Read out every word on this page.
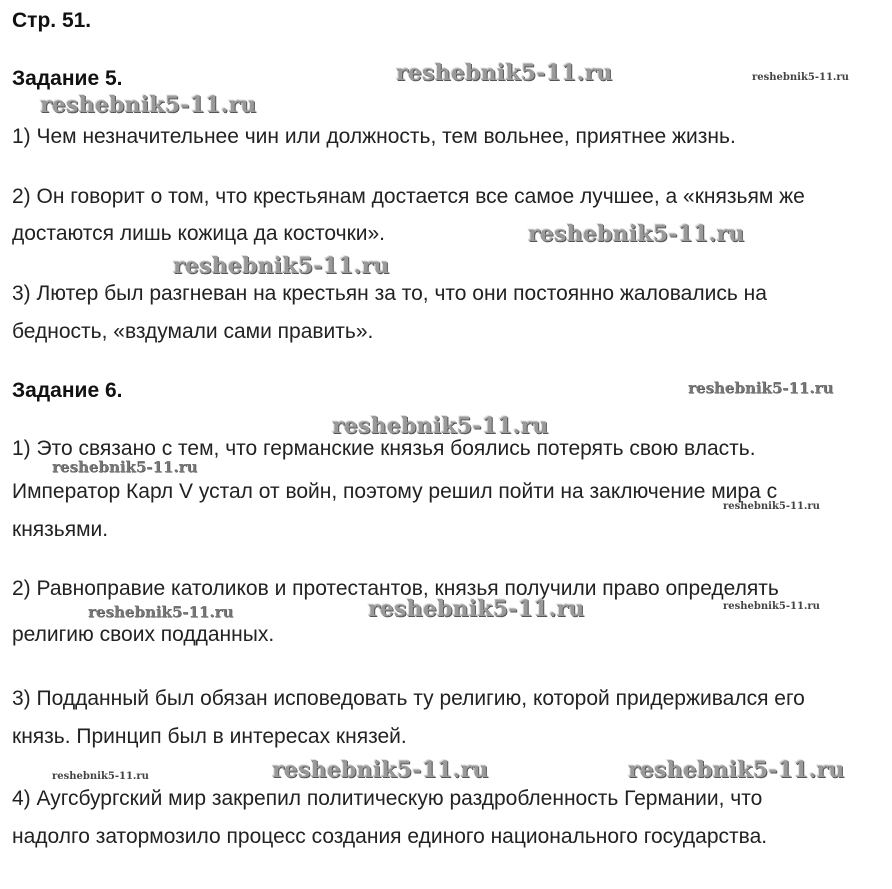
Стр. 51.
Задание 5.
1) Чем незначительнее чин или должность, тем вольнее, приятнее жизнь.
2) Он говорит о том, что крестьянам достается все самое лучшее, а «князьям же
достаются лишь кожица да косточки».
3) Лютер был разгневан на крестьян за то, что они постоянно жаловались на
бедность, «вздумали сами править».
Задание 6.
1) Это связано с тем, что германские князья боялись потерять свою власть.
Император Карл V устал от войн, поэтому решил пойти на заключение мира с
князьями.
2) Равноправие католиков и протестантов, князья получили право определять
религию своих подданных.
3) Подданный был обязан исповедовать ту религию, которой придерживался его
князь. Принцип был в интересах князей.
4) Аугсбургский мир закрепил политическую раздробленность Германии, что
надолго затормозило процесс создания единого национального государства.
reshebnik5-11.ru	reshebnik5-11.ru
reshebnik5-11.ru
reshebnik5-11.ru
reshebnik5-11.ru
reshebnik5-11.ru
reshebnik5-11.ru
reshebnik5-11.ru
reshebnik5-11.ru
reshebnik5-11.ru
reshebnik5-11.ru	reshebnik5-11.ru
reshebnik5-11.ru	reshebnik5-11.ru
reshebnik5-11.ru
